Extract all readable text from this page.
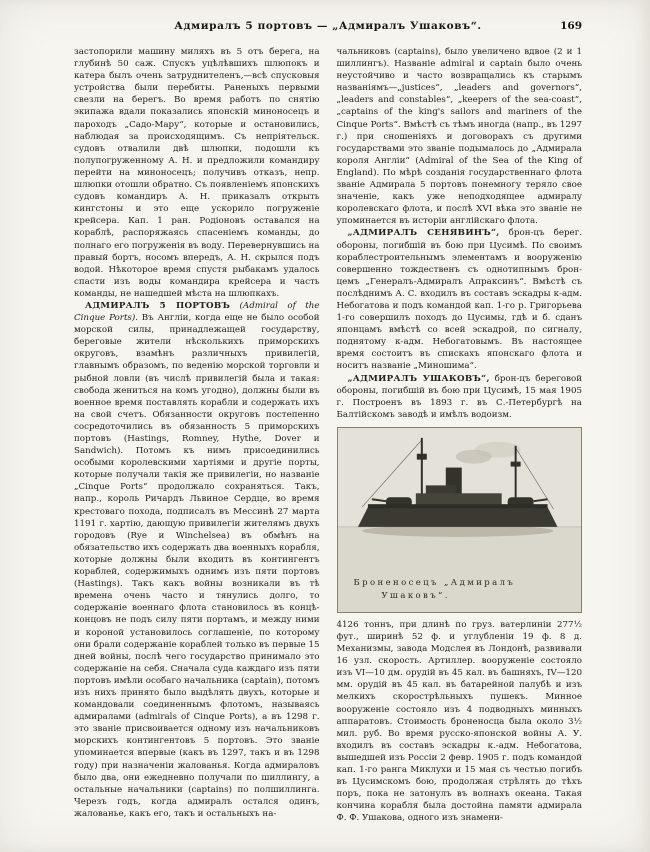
Адмиралъ 5 портовъ — „Адмиралъ Ушаковъ“.	169

застопорили машину миляхъ въ 5 отъ берега, на глубинѣ 50 саж. Спускъ уцѣлѣвшихъ шлюпокъ и катера былъ очень затруднителенъ,—всѣ спусковыя устройства были перебиты. Раненыхъ первыми свезли на берегъ. Во время работъ по снятію экипажа вдали показались японскій миноносецъ и пароходъ „Садо-Мару“, которые и остановились, наблюдая за происходящимъ. Съ непріятельск. судовъ отвалили двѣ шлюпки, подошли къ полупогруженному А. Н. и предложили командиру перейти на миноносецъ; получивъ отказъ, непр. шлюпки отошли обратно. Съ появленіемъ японскихъ судовъ командиръ А. Н. приказалъ открыть кингстоны и это еще ускорило погруженіе крейсера. Кап. 1 ран. Родіоновъ оставался на кораблѣ, распоряжаясь спасеніемъ команды, до полнаго его погруженія въ воду. Перевернувшись на правый бортъ, носомъ впередъ, А. Н. скрылся подъ водой. Нѣкоторое время спустя рыбакамъ удалось спасти изъ воды командира крейсера и часть команды, не нашедшей мѣста на шлюпкахъ.

АДМИРАЛЪ 5 ПОРТОВЪ (Admiral of the Cinque Ports). Въ Англіи, когда еще не было особой морской силы, принадлежащей государству, береговые жители нѣсколькихъ приморскихъ округовъ, взамѣнъ различныхъ привилегій, главнымъ образомъ, по веденію морской торговли и рыбной ловли (въ числѣ привилегій была и такая: свобода жениться на комъ угодно), должны были въ военное время поставлять корабли и содержать ихъ на свой счетъ. Обязанности округовъ постепенно сосредоточились въ обязанность 5 приморскихъ портовъ (Hastings, Romney, Hythe, Dover и Sandwich). Потомъ къ нимъ присоединились особыми королевскими хартіями и другіе порты, которые получали такія же привилегіи, но названіе „Cinque Ports“ продолжало сохраняться. Такъ, напр., король Ричардъ Львиное Сердце, во время крестоваго похода, подписалъ въ Мессинѣ 27 марта 1191 г. хартію, дающую привилегіи жителямъ двухъ городовъ (Rye и Winchelsea) въ обмѣнъ на обязательство ихъ содержать два военныхъ корабля, которые должны были входить въ контингентъ кораблей, содержимыхъ однимъ изъ пяти портовъ (Hastings). Такъ какъ войны возникали въ тѣ времена очень часто и тянулись долго, то содержаніе военнаго флота становилось въ концѣ-концовъ не подъ силу пяти портамъ, и между ними и короной установилось соглашеніе, по которому они брали содержаніе кораблей только въ первые 15 дней войны, послѣ чего государство принимало это содержаніе на себя. Сначала суда каждаго изъ пяти портовъ имѣли особаго начальника (captain), потомъ изъ нихъ принято было выдѣлять двухъ, которые и командовали соединеннымъ флотомъ, называясь адмиралами (admirals of Cinque Ports), а въ 1298 г. это званіе присвоивается одному изъ начальниковъ морскихъ контингентовъ 5 портовъ. Это званіе упоминается впервые (какъ въ 1297, такъ и въ 1298 году) при назначеніи жалованья. Когда адмираловъ было два, они ежедневно получали по шиллингу, а остальные начальники (captains) по полшиллинга. Черезъ годъ, когда адмиралъ остался одинъ, жалованье, какъ его, такъ и остальныхъ на-

чальниковъ (captains), было увеличено вдвое (2 и 1 шиллингъ). Названіе admiral и captain было очень неустойчиво и часто возвращались къ старымъ названіямъ—„justices“, „leaders and governors“, „leaders and constables“, „keepers of the sea-coast“, „captains of the king's sailors and mariners of the Cinque Ports“. Вмѣстѣ съ тѣмъ иногда (напр., въ 1297 г.) при сношеніяхъ и договорахъ съ другими государствами это званіе подымалось до „Адмирала короля Англіи“ (Admiral of the Sea of the King of England). По мѣрѣ созданія государственнаго флота званіе Адмирала 5 портовъ понемногу теряло свое значеніе, какъ уже неподходящее адмиралу королевскаго флота, и послѣ XVI вѣка это званіе не упоминается въ исторіи англійскаго флота.

„АДМИРАЛЪ СЕНЯВИНЪ“, брон-цъ берег. обороны, погибшій въ бою при Цусимѣ. По своимъ кораблестроительнымъ элементамъ и вооруженію совершенно тождественъ съ однотипнымъ брон-цемъ „Генералъ-Адмиралъ Апраксинъ“. Вмѣстѣ съ послѣднимъ А. С. входилъ въ составъ эскадры к-адм. Небогатова и подъ командой кап. 1-го р. Григорьева 1-го совершилъ походъ до Цусимы, гдѣ и б. сданъ японцамъ вмѣстѣ со всей эскадрой, по сигналу, поднятому к-адм. Небогатовымъ. Въ настоящее время состоитъ въ спискахъ японскаго флота и носитъ названіе „Миношима“.

„АДМИРАЛЪ УШАКОВЪ“, брон-цъ береговой обороны, погибшій въ бою при Цусимѣ, 15 мая 1905 г. Построенъ въ 1893 г. въ С.-Петербургѣ на Балтійскомъ заводѣ и имѣлъ водоизм.

Броненосецъ „Адмиралъ
Ушаковъ“.

4126 тоннъ, при длинѣ по груз. ватерлиніи 277½ фут., ширинѣ 52 ф. и углубленіи 19 ф. 8 д. Механизмы, завода Модслея въ Лондонѣ, развивали 16 узл. скорость. Артиллер. вооруженіе состояло изъ VI—10 дм. орудій въ 45 кал. въ башняхъ, IV—120 мм. орудій въ 45 кал. въ батарейной палубѣ и изъ мелкихъ скорострѣльныхъ пушекъ. Минное вооруженіе состояло изъ 4 подводныхъ минныхъ аппаратовъ. Стоимость броненосца была около 3½ мил. руб. Во время русско-японской войны А. У. входилъ въ составъ эскадры к.-адм. Небогатова, вышедшей изъ Россіи 2 февр. 1905 г. подъ командой кап. 1-го ранга Миклухи и 15 мая съ честью погибъ въ Цусимскомъ бою, продолжая стрѣлять до тѣхъ поръ, пока не затонулъ въ волнахъ океана. Такая кончина корабля была достойна памяти адмирала Ф. Ф. Ушакова, одного изъ знамени-
